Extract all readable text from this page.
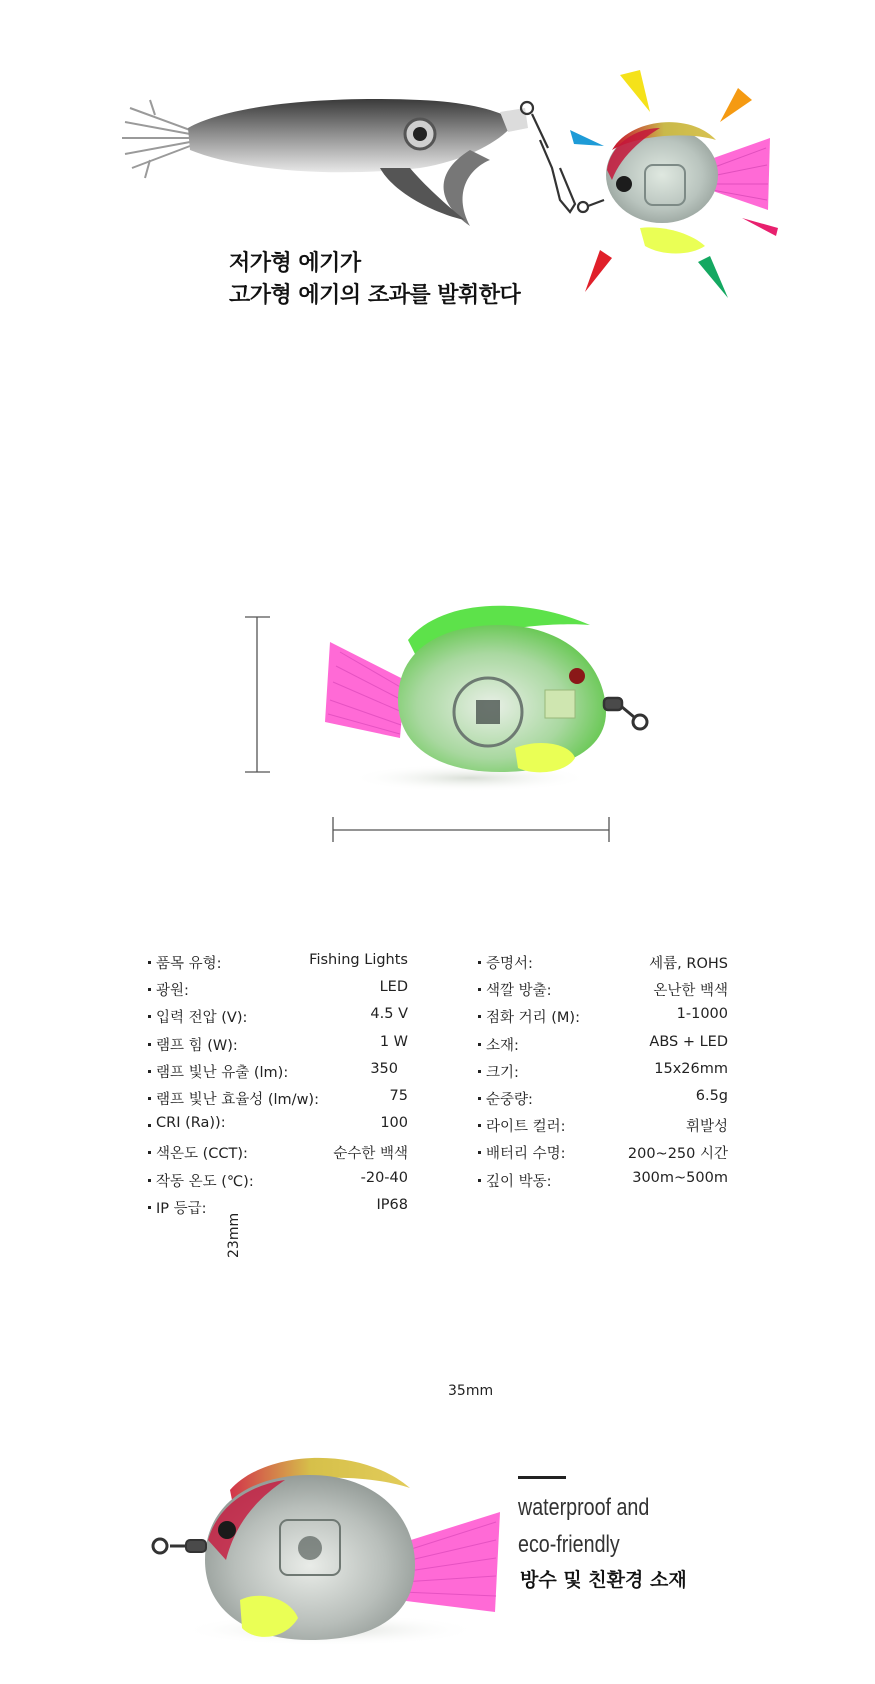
저가형 에기가
고가형 에기의 조과를 발휘한다
23mm
35mm
품목 유형:	Fishing Lights
광원:	LED
입력 전압 (V):	4.5 V
램프 힘 (W):	1 W
램프 빛난 유출 (lm):	350
램프 빛난 효율성 (lm/w):	75
CRI (Ra)):	100
색온도 (CCT):	순수한 백색
작동 온도 (℃):	-20-40
IP 등급:	IP68
증명서:	세륨, ROHS
색깔 방출:	온난한 백색
점화 거리 (M):	1-1000
소재:	ABS + LED
크기:	15x26mm
순중량:	6.5g
라이트 컬러:	휘발성
배터리 수명:	200~250 시간
깊이 박동:	300m~500m
waterproof and
eco-friendly
방수 및 친환경 소재
